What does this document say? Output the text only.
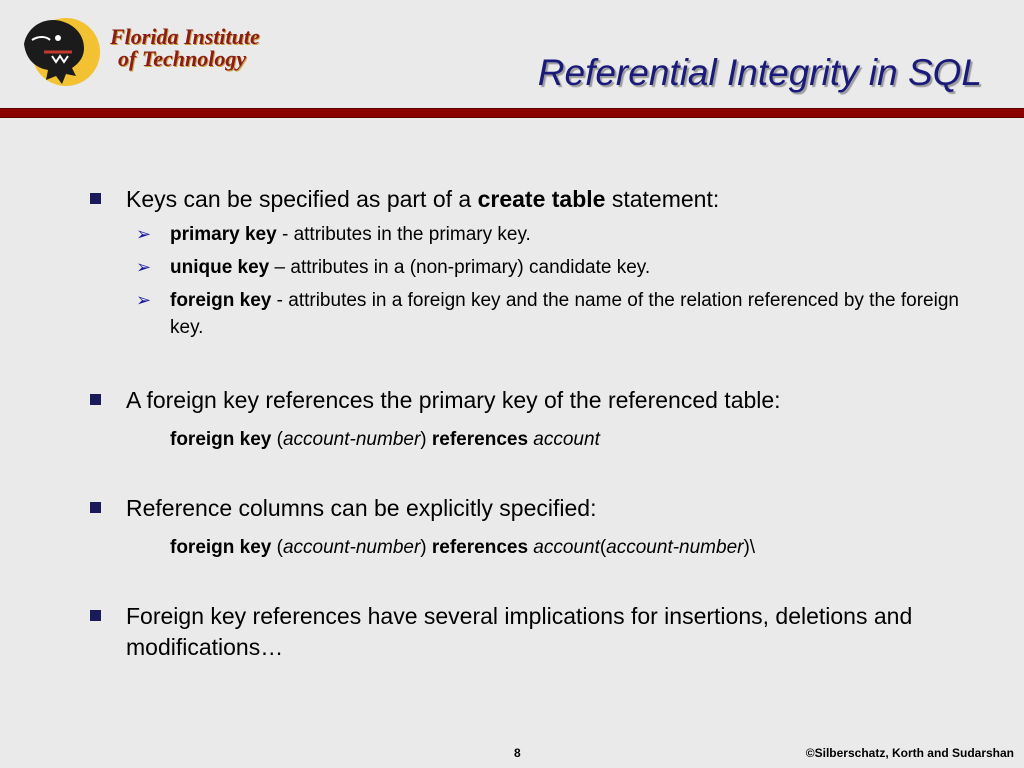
Florida Institute
of Technology	Referential Integrity in SQL
Keys can be specified as part of a create table statement:
➢ primary key - attributes in the primary key.
➢ unique key – attributes in a (non-primary) candidate key.
➢ foreign key - attributes in a foreign key and the name of the relation referenced by the foreign key.
A foreign key references the primary key of the referenced table:
foreign key (account-number) references account
Reference columns can be explicitly specified:
foreign key (account-number) references account(account-number)\
Foreign key references have several implications for insertions, deletions and modifications…
8	©Silberschatz, Korth and Sudarshan
